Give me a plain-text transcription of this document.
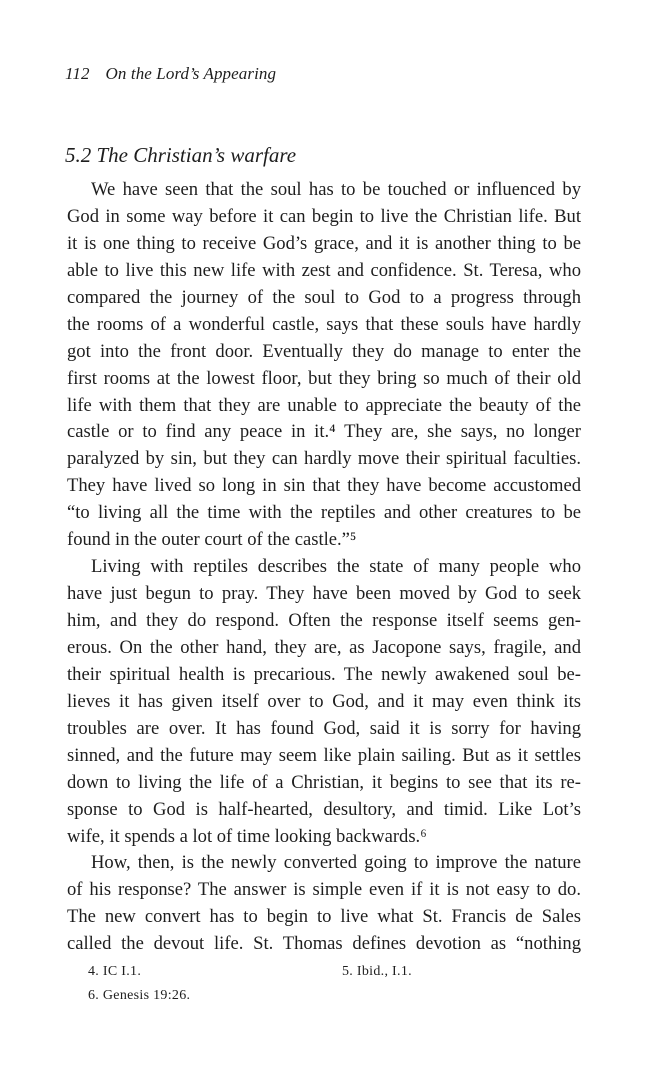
112 On the Lord’s Appearing
5.2 The Christian’s warfare
We have seen that the soul has to be touched or influenced by
God in some way before it can begin to live the Christian life. But
it is one thing to receive God’s grace, and it is another thing to be
able to live this new life with zest and confidence. St. Teresa, who
compared the journey of the soul to God to a progress through
the rooms of a wonderful castle, says that these souls have hardly
got into the front door. Eventually they do manage to enter the
first rooms at the lowest floor, but they bring so much of their old
life with them that they are unable to appreciate the beauty of the
castle or to find any peace in it.⁴ They are, she says, no longer
paralyzed by sin, but they can hardly move their spiritual faculties.
They have lived so long in sin that they have become accustomed
“to living all the time with the reptiles and other creatures to be
found in the outer court of the castle.”⁵
Living with reptiles describes the state of many people who
have just begun to pray. They have been moved by God to seek
him, and they do respond. Often the response itself seems gen-
erous. On the other hand, they are, as Jacopone says, fragile, and
their spiritual health is precarious. The newly awakened soul be-
lieves it has given itself over to God, and it may even think its
troubles are over. It has found God, said it is sorry for having
sinned, and the future may seem like plain sailing. But as it settles
down to living the life of a Christian, it begins to see that its re-
sponse to God is half-hearted, desultory, and timid. Like Lot’s
wife, it spends a lot of time looking backwards.⁶
How, then, is the newly converted going to improve the nature
of his response? The answer is simple even if it is not easy to do.
The new convert has to begin to live what St. Francis de Sales
called the devout life. St. Thomas defines devotion as “nothing
4. IC I.1.	5. Ibid., I.1.
6. Genesis 19:26.
